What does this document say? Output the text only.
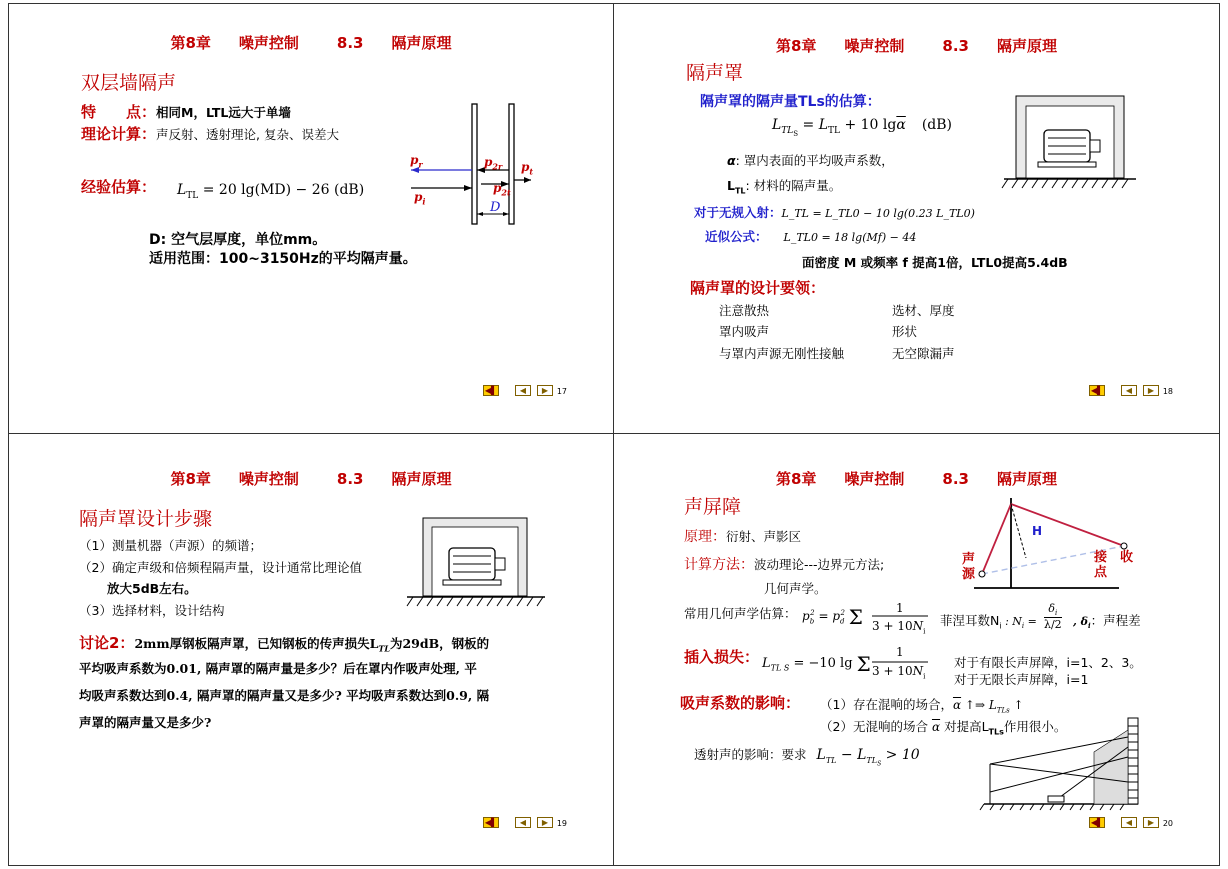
第8章 噪声控制	8.3 隔声原理
双层墙隔声
特　　点：相同M，LTL远大于单墙
理论计算：声反射、透射理论, 复杂、误差大
经验估算： $L_{TL} = 20$ lg(MD) − 26 (dB)
D: 空气层厚度，单位mm。
适用范围：100~3150Hz的平均隔声量。
$p_r$
$p_i$
$p_{2r}$
$p_{2t}$
$p_t$
D
◀▌	◀	▶	17
第8章 噪声控制	8.3 隔声原理
隔声罩
隔声罩的隔声量TLs的估算：
$L_{TL_S} = L_{TL} + 10$ $\lg\overline{\alpha} (dB)$
α: 罩内表面的平均吸声系数，
$L_{TL}$: 材料的隔声量。
对于无规入射：L_TL = L_TL0 − 10 lg(0.23 L_TL0)
近似公式： L_TL0 = 18 lg(Mf) − 44
面密度 M 或频率 f 提高1倍，LTL0提高5.4dB
隔声罩的设计要领：
注意散热	选材、厚度
罩内吸声	形状
与罩内声源无刚性接触	无空隙漏声
◀▌	◀	▶	18
第8章 噪声控制	8.3 隔声原理
隔声罩设计步骤
（1）测量机器（声源）的频谱；
（2）确定声级和倍频程隔声量，设计通常比理论值
放大5dB左右。
（3）选择材料，设计结构
讨论2：2mm厚钢板隔声罩，已知钢板的传声损失$L_{TL}$为29dB，钢板的
平均吸声系数为0.01, 隔声罩的隔声量是多少？后在罩内作吸声处理, 平
均吸声系数达到0.4, 隔声罩的隔声量又是多少? 平均吸声系数达到0.9, 隔
声罩的隔声量又是多少?
◀▌	◀	▶	19
第8章 噪声控制	8.3 隔声原理
声屏障
原理：衍射、声影区
计算方法：波动理论---边界元方法;
几何声学。
常用几何声学估算： $p_b^2 = p_d^2$ Σ	1
$3 + 10N_i$
菲涅耳数$N_i$ : $N_i$ =
$\delta_i$
λ/2 , $\delta_i$：声程差
插入损失： $L_{TL S} = -10$ lg Σ 1
$3 + 10N_i$
对于有限长声屏障，i=1、2、3。
对于无限长声屏障，i=1
吸声系数的影响： （1）存在混响的场合，$\overline{\alpha}$ ↑⇒ $L_{TLs}$ ↑
（2）无混响的场合 $\overline{\alpha}$ 对提高$L_{TLs}$作用很小。
透射声的影响：要求 $L_{TL} - L_{TL_S} > 10$
H
声
源
接　收
点
◀▌	◀	▶	20
